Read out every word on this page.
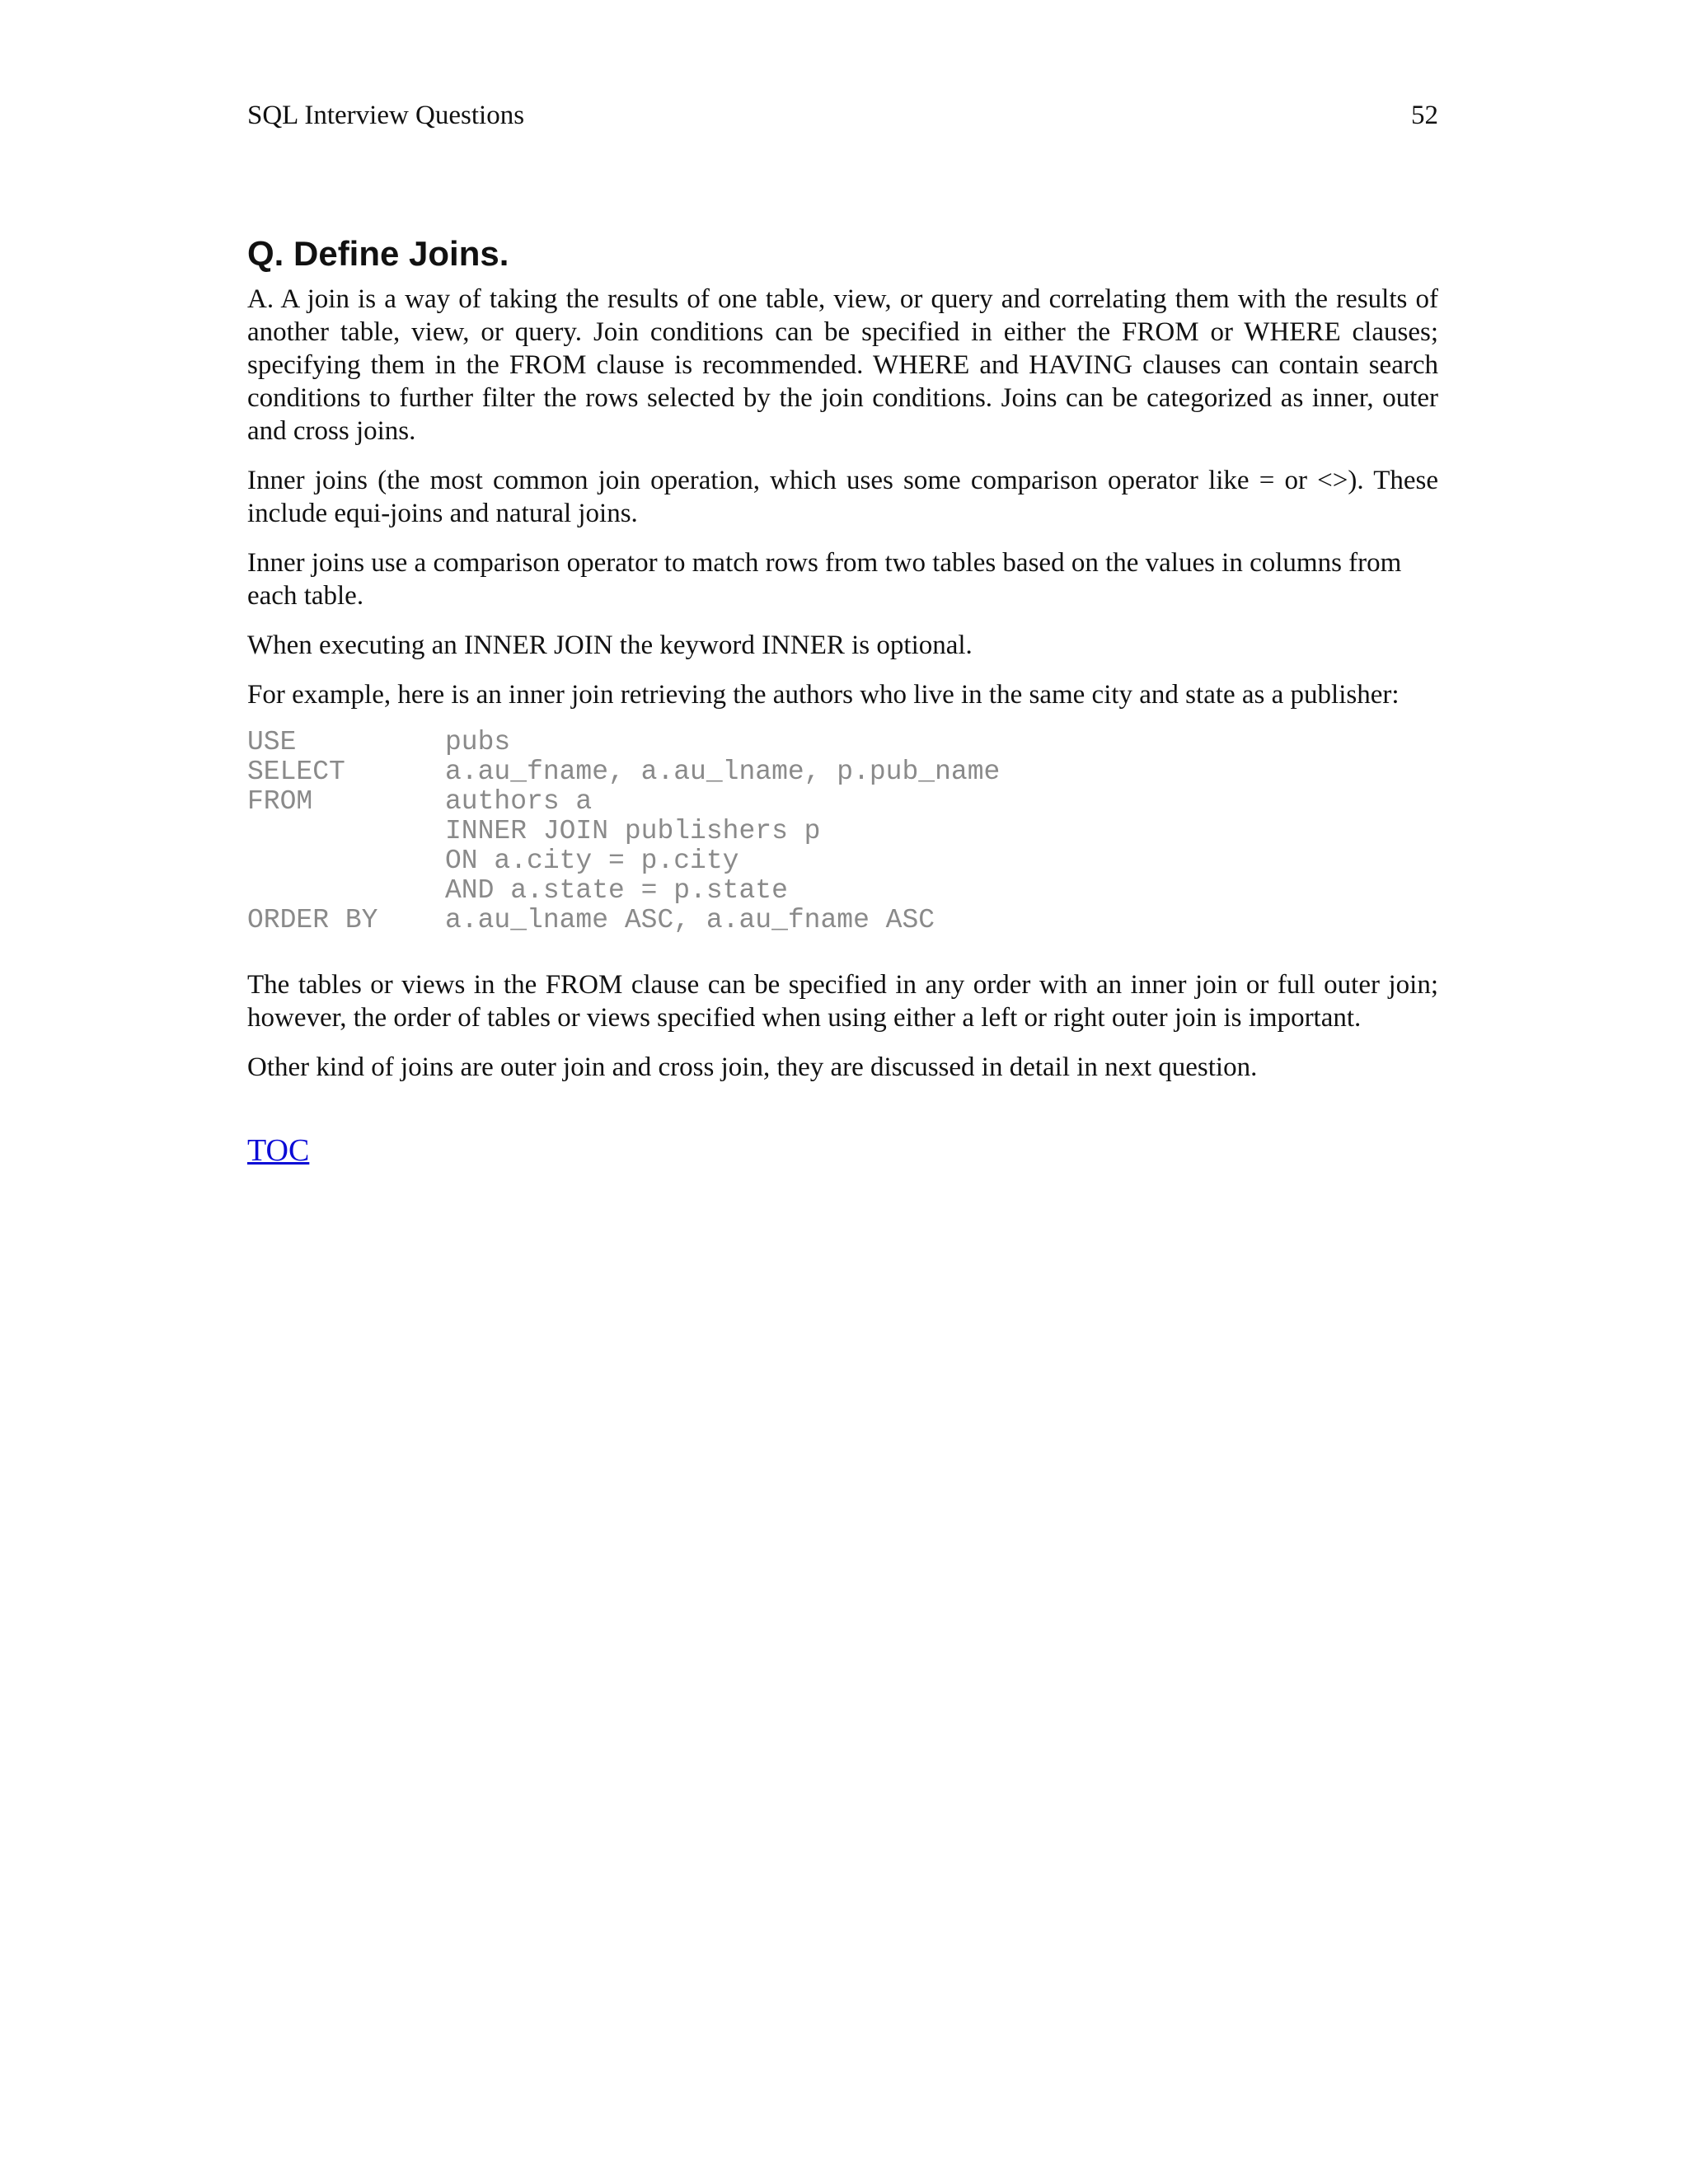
SQL Interview Questions	52
Q. Define Joins.

A. A join is a way of taking the results of one table, view, or query and correlating them with the results of another table, view, or query. Join conditions can be specified in either the FROM or WHERE clauses; specifying them in the FROM clause is recommended. WHERE and HAVING clauses can contain search conditions to further filter the rows selected by the join conditions. Joins can be categorized as inner, outer and cross joins.

Inner joins (the most common join operation, which uses some comparison operator like = or <>). These include equi-joins and natural joins.

Inner joins use a comparison operator to match rows from two tables based on the values in columns from each table.

When executing an INNER JOIN the keyword INNER is optional.

For example, here is an inner join retrieving the authors who live in the same city and state as a publisher:

USE	pubs
SELECT	a.au_fname, a.au_lname, p.pub_name
FROM	authors a
INNER JOIN publishers p
ON a.city = p.city
AND a.state = p.state
ORDER BY	a.au_lname ASC, a.au_fname ASC

The tables or views in the FROM clause can be specified in any order with an inner join or full outer join; however, the order of tables or views specified when using either a left or right outer join is important.

Other kind of joins are outer join and cross join, they are discussed in detail in next question.

TOC
